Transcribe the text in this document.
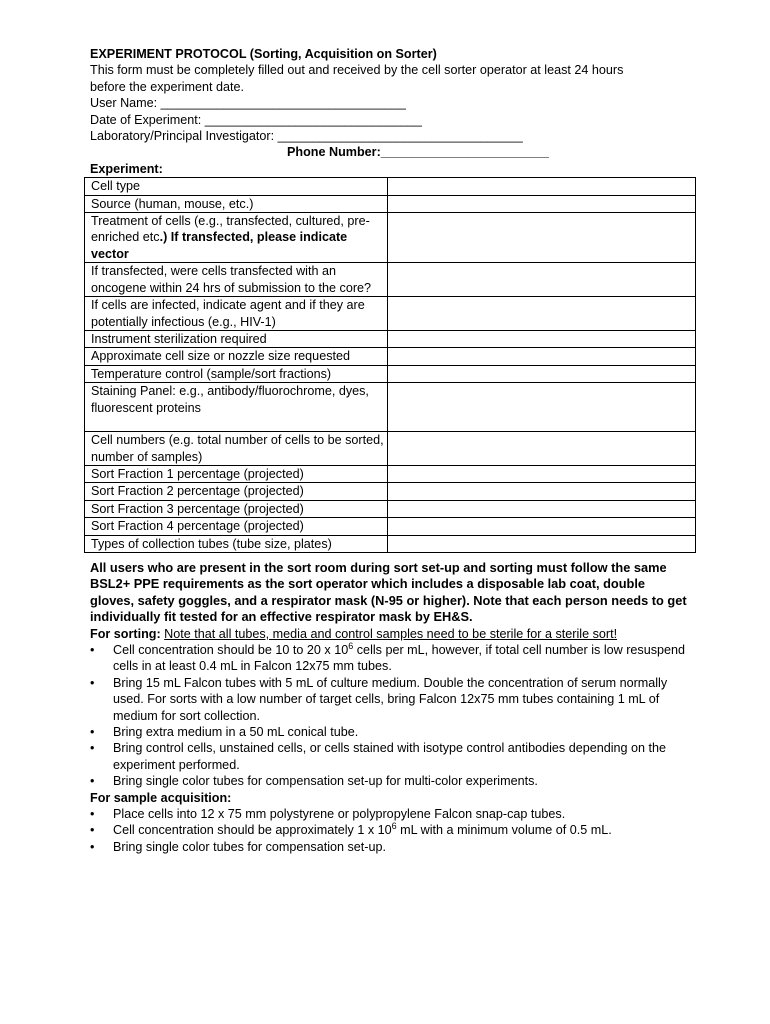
EXPERIMENT PROTOCOL (Sorting, Acquisition on Sorter)
This form must be completely filled out and received by the cell sorter operator at least 24 hours
before the experiment date.
User Name: ___________________________________
Date of Experiment: _______________________________
Laboratory/Principal Investigator: ___________________________________
Phone Number:________________________
Experiment:
Cell type	
Source (human, mouse, etc.)	
Treatment of cells (e.g., transfected, cultured, pre-enriched etc.) If transfected, please indicate vector	
If transfected, were cells transfected with an oncogene within 24 hrs of submission to the core?	
If cells are infected, indicate agent and if they are potentially infectious (e.g., HIV-1)	
Instrument sterilization required	
Approximate cell size or nozzle size requested	
Temperature control (sample/sort fractions)	
Staining Panel: e.g., antibody/fluorochrome, dyes, fluorescent proteins	
Cell numbers (e.g. total number of cells to be sorted, number of samples)	
Sort Fraction 1 percentage (projected)	
Sort Fraction 2 percentage (projected)	
Sort Fraction 3 percentage (projected)	
Sort Fraction 4 percentage (projected)	
Types of collection tubes (tube size, plates)	
All users who are present in the sort room during sort set-up and sorting must follow the same BSL2+ PPE requirements as the sort operator which includes a disposable lab coat, double gloves, safety goggles, and a respirator mask (N-95 or higher). Note that each person needs to get individually fit tested for an effective respirator mask by EH&S.
For sorting: Note that all tubes, media and control samples need to be sterile for a sterile sort!
• Cell concentration should be 10 to 20 x $10^6$ cells per mL, however, if total cell number is low resuspend cells in at least 0.4 mL in Falcon 12x75 mm tubes.
• Bring 15 mL Falcon tubes with 5 mL of culture medium. Double the concentration of serum normally used. For sorts with a low number of target cells, bring Falcon 12x75 mm tubes containing 1 mL of medium for sort collection.
• Bring extra medium in a 50 mL conical tube.
• Bring control cells, unstained cells, or cells stained with isotype control antibodies depending on the experiment performed.
• Bring single color tubes for compensation set-up for multi-color experiments.
For sample acquisition:
• Place cells into 12 x 75 mm polystyrene or polypropylene Falcon snap-cap tubes.
• Cell concentration should be approximately 1 x $10^6$ mL with a minimum volume of 0.5 mL.
• Bring single color tubes for compensation set-up.
